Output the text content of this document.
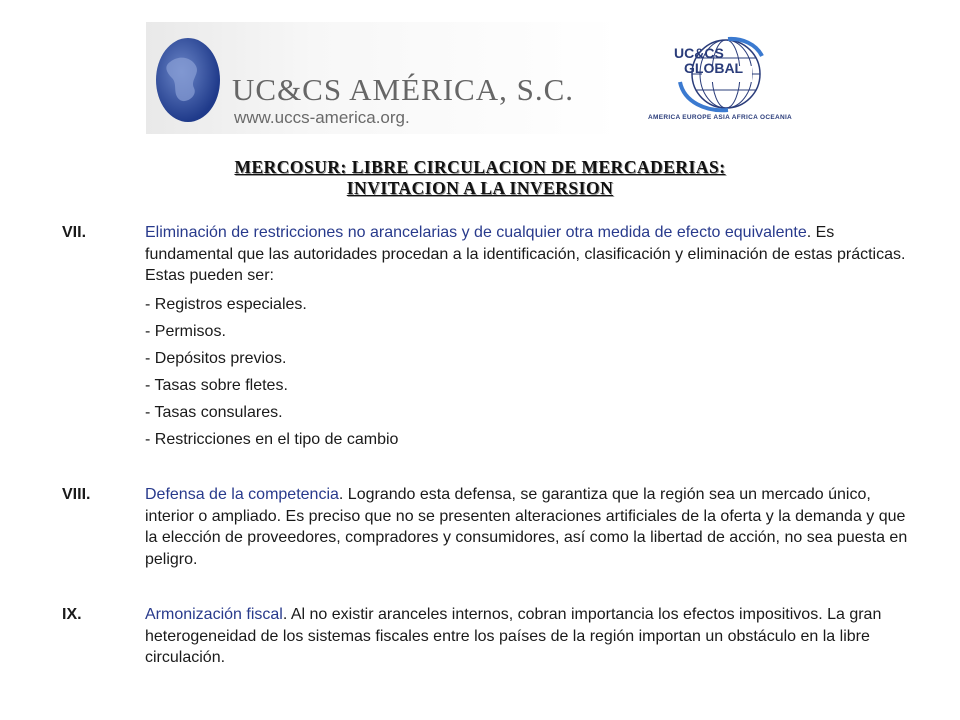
UC&CS AMÉRICA, S.C.
www.uccs-america.org.
UC&CS
GLOBAL
AMERICA EUROPE ASIA AFRICA OCEANIA
MERCOSUR: LIBRE CIRCULACION DE MERCADERIAS:
INVITACION A LA INVERSION
VII.	Eliminación de restricciones no arancelarias y de cualquier otra medida de efecto equivalente. Es fundamental que las autoridades procedan a la identificación, clasificación y eliminación de estas prácticas. Estas pueden ser:
- Registros especiales.
- Permisos.
- Depósitos previos.
- Tasas sobre fletes.
- Tasas consulares.
- Restricciones en el tipo de cambio
VIII.	Defensa de la competencia. Logrando esta defensa, se garantiza que la región sea un mercado único, interior o ampliado. Es preciso que no se presenten alteraciones artificiales de la oferta y la demanda y que la elección de proveedores, compradores y consumidores, así como la libertad de acción, no sea puesta en peligro.
IX.	Armonización fiscal. Al no existir aranceles internos, cobran importancia los efectos impositivos. La gran heterogeneidad de los sistemas fiscales entre los países de la región importan un obstáculo en la libre circulación.
